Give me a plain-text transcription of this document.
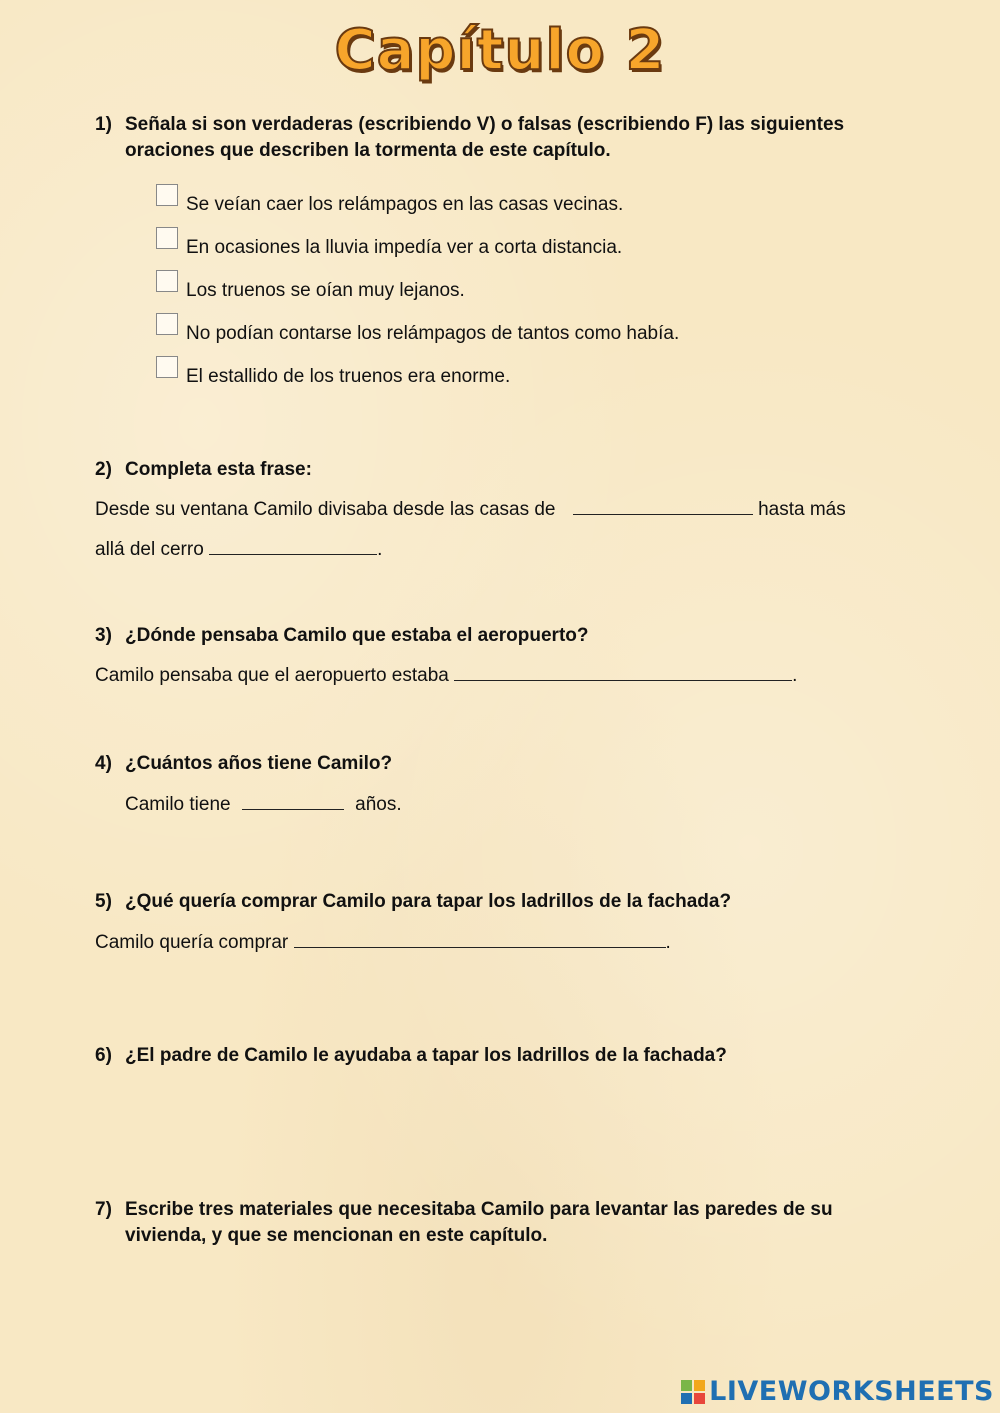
Capítulo 2
1) Señala si son verdaderas (escribiendo V) o falsas (escribiendo F) las siguientes oraciones que describen la tormenta de este capítulo.
Se veían caer los relámpagos en las casas vecinas.
En ocasiones la lluvia impedía ver a corta distancia.
Los truenos se oían muy lejanos.
No podían contarse los relámpagos de tantos como había.
El estallido de los truenos era enorme.
2) Completa esta frase:
Desde su ventana Camilo divisaba desde las casas de	hasta más
allá del cerro	.
3) ¿Dónde pensaba Camilo que estaba el aeropuerto?
Camilo pensaba que el aeropuerto estaba	.
4) ¿Cuántos años tiene Camilo?
Camilo tiene	años.
5) ¿Qué quería comprar Camilo para tapar los ladrillos de la fachada?
Camilo quería comprar	.
6) ¿El padre de Camilo le ayudaba a tapar los ladrillos de la fachada?
7) Escribe tres materiales que necesitaba Camilo para levantar las paredes de su vivienda, y que se mencionan en este capítulo.
LIVEWORKSHEETS
